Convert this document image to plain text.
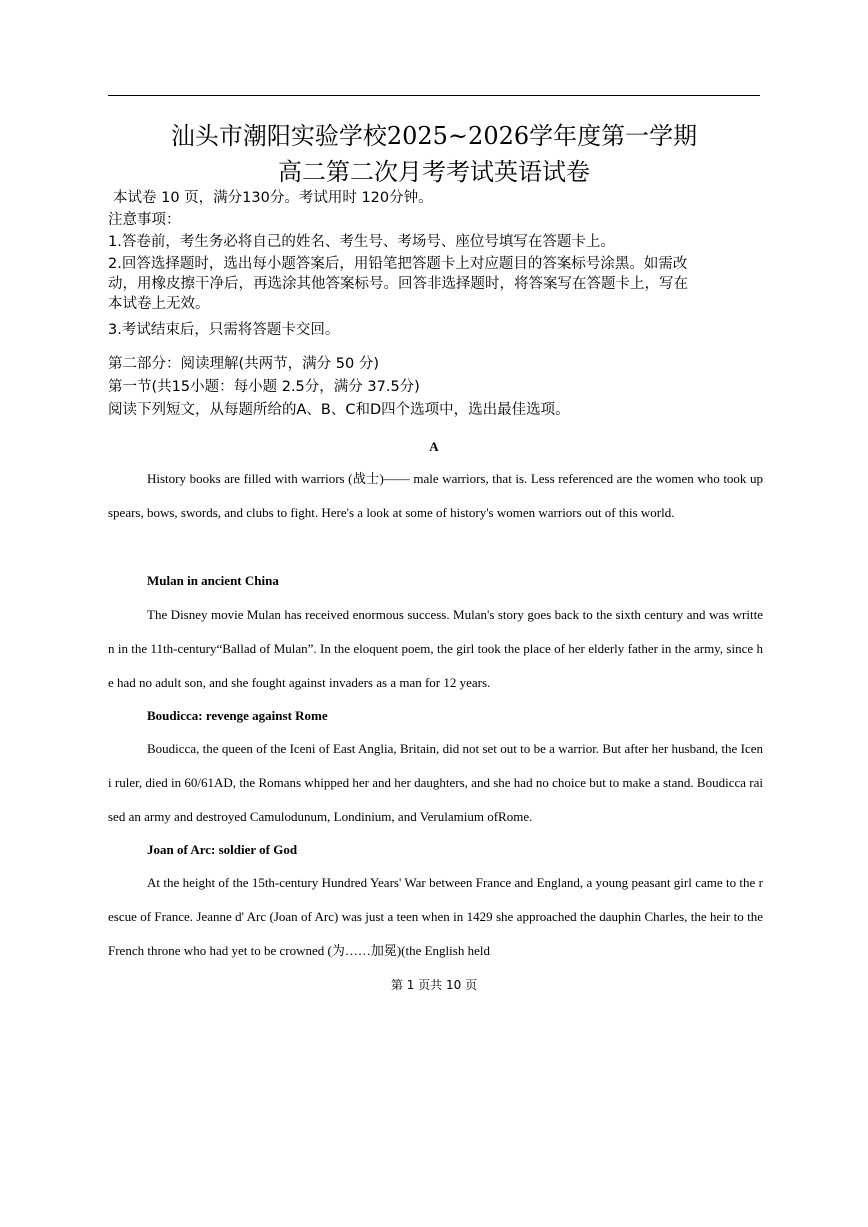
汕头市潮阳实验学校2025~2026学年度第一学期
高二第二次月考考试英语试卷
本试卷 10 页，满分130分。考试用时 120分钟。
注意事项：
1.答卷前，考生务必将自己的姓名、考生号、考场号、座位号填写在答题卡上。
2.回答选择题时，选出每小题答案后，用铅笔把答题卡上对应题目的答案标号涂黑。如需改
动，用橡皮擦干净后，再选涂其他答案标号。回答非选择题时，将答案写在答题卡上，写在
本试卷上无效。
3.考试结束后，只需将答题卡交回。
第二部分：阅读理解(共两节，满分 50 分)
第一节(共15小题：每小题 2.5分，满分 37.5分)
阅读下列短文，从每题所给的A、B、C和D四个选项中，选出最佳选项。
A
History books are filled with warriors (战士)—— male warriors, that is. Less referenced are the women who took up spears, bows, swords, and clubs to fight. Here's a look at some of history's women warriors out of this world.
Mulan in ancient China
The Disney movie Mulan has received enormous success. Mulan's story goes back to the sixth century and was written in the 11th-century“Ballad of Mulan”. In the eloquent poem, the girl took the place of her elderly father in the army, since he had no adult son, and she fought against invaders as a man for 12 years.
Boudicca: revenge against Rome
Boudicca, the queen of the Iceni of East Anglia, Britain, did not set out to be a warrior. But after her husband, the Iceni ruler, died in 60/61AD, the Romans whipped her and her daughters, and she had no choice but to make a stand. Boudicca raised an army and destroyed Camulodunum, Londinium, and Verulamium ofRome.
Joan of Arc: soldier of God
At the height of the 15th-century Hundred Years' War between France and England, a young peasant girl came to the rescue of France. Jeanne d' Arc (Joan of Arc) was just a teen when in 1429 she approached the dauphin Charles, the heir to the French throne who had yet to be crowned (为……加冕)(the English held
第 1 页共 10 页
